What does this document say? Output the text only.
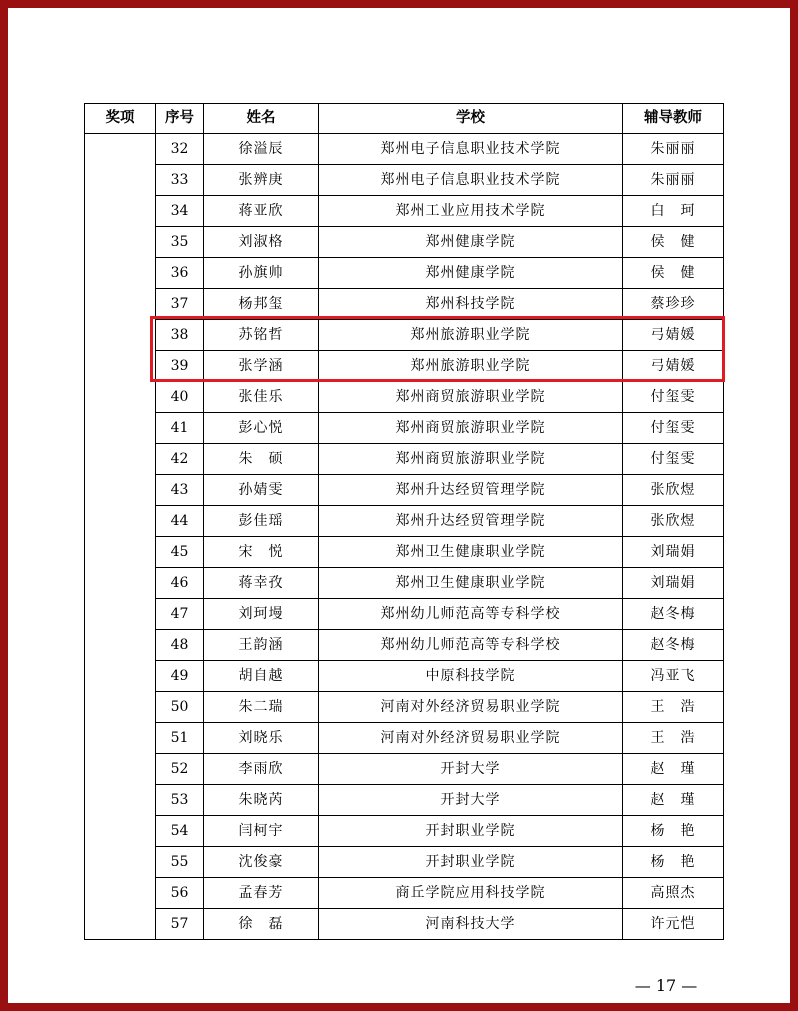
奖项	序号	姓名	学校	辅导教师
	32	徐溢辰	郑州电子信息职业技术学院	朱丽丽
	33	张辨庚	郑州电子信息职业技术学院	朱丽丽
	34	蒋亚欣	郑州工业应用技术学院	白　珂
	35	刘淑格	郑州健康学院	侯　健
	36	孙旗帅	郑州健康学院	侯　健
	37	杨邦玺	郑州科技学院	蔡珍珍
	38	苏铭哲	郑州旅游职业学院	弓婧媛
	39	张学涵	郑州旅游职业学院	弓婧媛
	40	张佳乐	郑州商贸旅游职业学院	付玺雯
	41	彭心悦	郑州商贸旅游职业学院	付玺雯
	42	朱　硕	郑州商贸旅游职业学院	付玺雯
	43	孙婧雯	郑州升达经贸管理学院	张欣煜
	44	彭佳瑶	郑州升达经贸管理学院	张欣煜
	45	宋　悦	郑州卫生健康职业学院	刘瑞娟
	46	蒋幸孜	郑州卫生健康职业学院	刘瑞娟
	47	刘珂墁	郑州幼儿师范高等专科学校	赵冬梅
	48	王韵涵	郑州幼儿师范高等专科学校	赵冬梅
	49	胡自越	中原科技学院	冯亚飞
	50	朱二瑞	河南对外经济贸易职业学院	王　浩
	51	刘晓乐	河南对外经济贸易职业学院	王　浩
	52	李雨欣	开封大学	赵　瑾
	53	朱晓芮	开封大学	赵　瑾
	54	闫柯宇	开封职业学院	杨　艳
	55	沈俊豪	开封职业学院	杨　艳
	56	孟春芳	商丘学院应用科技学院	高照杰
	57	徐　磊	河南科技大学	许元恺
— 17 —
